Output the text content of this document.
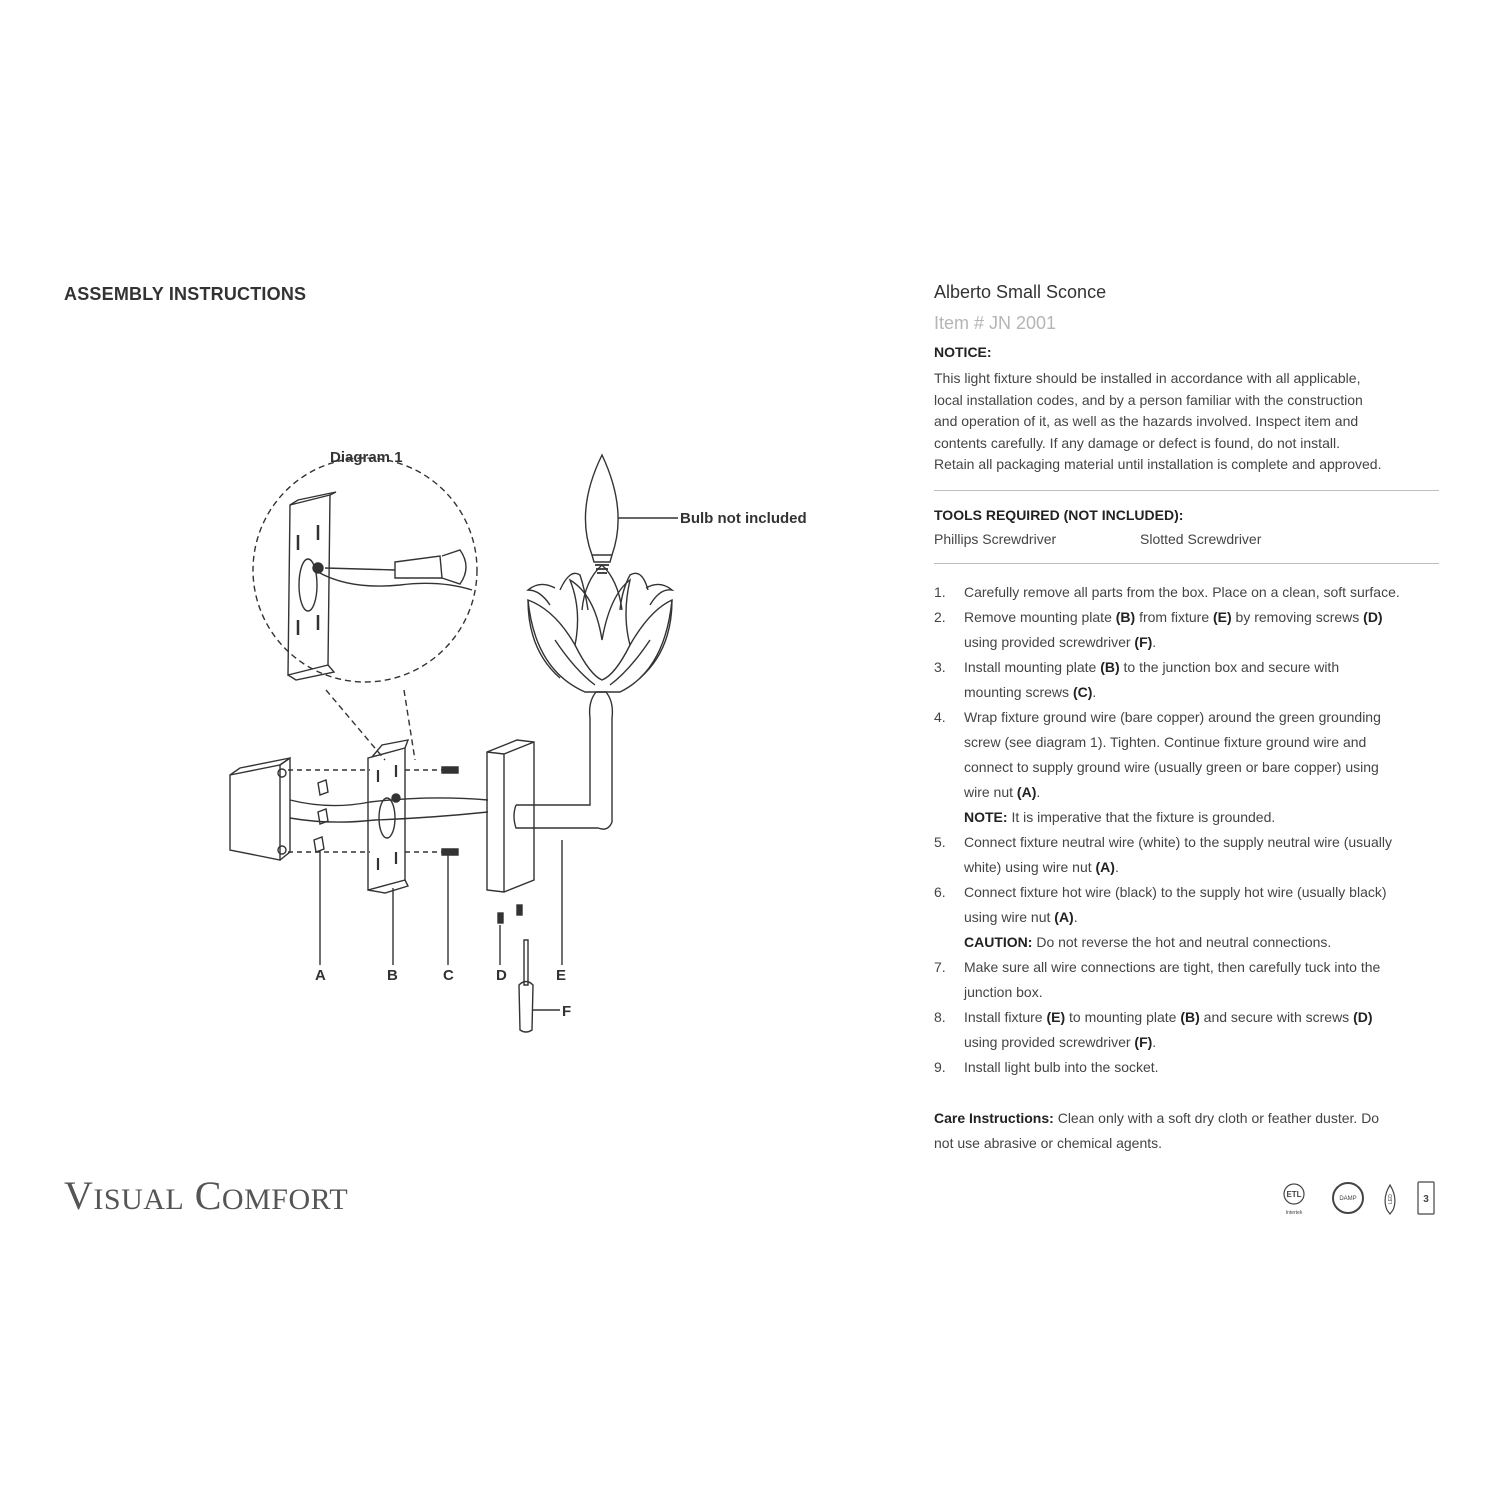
ASSEMBLY INSTRUCTIONS
Diagram 1
Bulb not included
A	B	C	D	E
F
VISUAL COMFORT
Alberto Small Sconce
Item # JN 2001
NOTICE:
This light fixture should be installed in accordance with all applicable,
local installation codes, and by a person familiar with the construction
and operation of it, as well as the hazards involved. Inspect item and
contents carefully. If any damage or defect is found, do not install.
Retain all packaging material until installation is complete and approved.
TOOLS REQUIRED (NOT INCLUDED):
Phillips Screwdriver	Slotted Screwdriver
1.	Carefully remove all parts from the box. Place on a clean, soft surface.
2.	Remove mounting plate (B) from fixture (E) by removing screws (D)
using provided screwdriver (F).
3.	Install mounting plate (B) to the junction box and secure with
mounting screws (C).
4.	Wrap fixture ground wire (bare copper) around the green grounding
screw (see diagram 1). Tighten. Continue fixture ground wire and
connect to supply ground wire (usually green or bare copper) using
wire nut (A).
NOTE: It is imperative that the fixture is grounded.
5.	Connect fixture neutral wire (white) to the supply neutral wire (usually
white) using wire nut (A).
6.	Connect fixture hot wire (black) to the supply hot wire (usually black)
using wire nut (A).
CAUTION: Do not reverse the hot and neutral connections.
7.	Make sure all wire connections are tight, then carefully tuck into the
junction box.
8.	Install fixture (E) to mounting plate (B) and secure with screws (D)
using provided screwdriver (F).
9.	Install light bulb into the socket.
Care Instructions: Clean only with a soft dry cloth or feather duster. Do
not use abrasive or chemical agents.
ETL
Intertek
DAMP	LED	3
